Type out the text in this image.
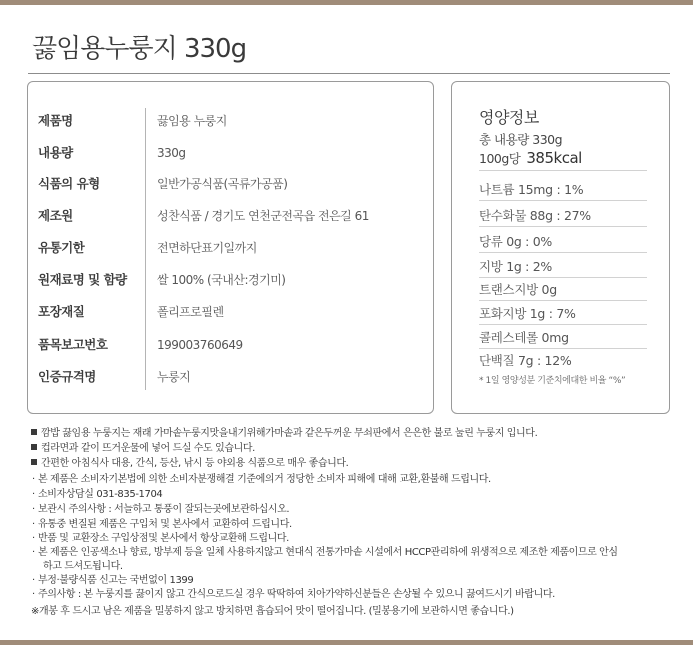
끓임용누룽지 330g
제품명	끓임용 누룽지
내용량	330g
식품의 유형	일반가공식품(곡류가공품)
제조원	성찬식품 / 경기도 연천군전곡읍 전은길 61
유통기한	전면하단표기일까지
원재료명 및 함량	쌀 100% (국내산:경기미)
포장재질	폴리프로필렌
품목보고번호	199003760649
인증규격명	누룽지
영양정보
총 내용량 330g
100g당 385kcal
나트륨 15mg : 1%
탄수화물 88g : 27%
당류 0g : 0%
지방 1g : 2%
트랜스지방 0g
포화지방 1g : 7%
콜레스테롤 0mg
단백질 7g : 12%
* 1일 영양성분 기준치에대한 비율 “%”
깜밥 끓임용 누룽지는 재래 가마솥누룽지맛을내기위해가마솥과 같은두꺼운 무쇠판에서 은은한 불로 눌린 누룽지 입니다.
컵라면과 같이 뜨거운물에 넣어 드실 수도 있습니다.
간편한 아침식사 대용, 간식, 등산, 낚시 등 야외용 식품으로 매우 좋습니다.
· 본 제품은 소비자기본법에 의한 소비자분쟁해결 기준에의거 정당한 소비자 피해에 대해 교환,환불해 드립니다.
· 소비자상담실 031-835-1704
· 보관시 주의사항 : 서늘하고 통풍이 잘되는곳에보관하십시오.
· 유통중 변질된 제품은 구입처 및 본사에서 교환하여 드립니다.
· 반품 및 교환장소 구입상점및 본사에서 항상교환해 드립니다.
· 본 제품은 인공색소나 향료, 방부제 등을 일체 사용하지않고 현대식 전통가마솥 시설에서 HCCP관리하에 위생적으로 제조한 제품이므로 안심
하고 드셔도됩니다.
· 부정·불량식품 신고는 국번없이 1399
· 주의사항 : 본 누룽지를 끓이지 않고 간식으로드실 경우 딱딱하여 치아가약하신분들은 손상될 수 있으니 끓여드시기 바랍니다.
※개봉 후 드시고 남은 제품을 밀봉하지 않고 방치하면 흡습되어 맛이 떨어집니다. (밀봉용기에 보관하시면 좋습니다.)
